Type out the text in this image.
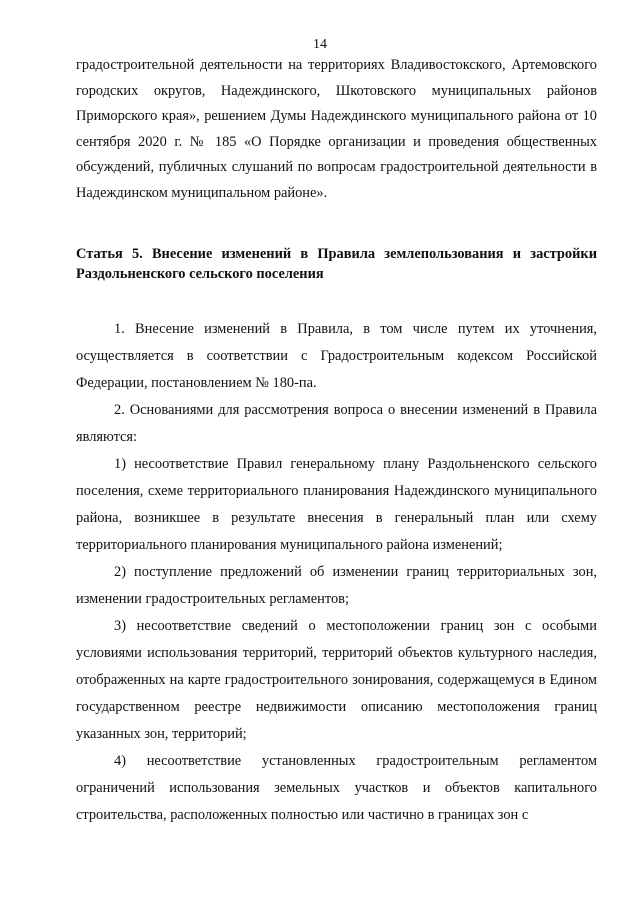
14

градостроительной деятельности на территориях Владивостокского, Артемовского городских округов, Надеждинского, Шкотовского муниципальных районов Приморского края», решением Думы Надеждинского муниципального района от 10 сентября 2020 г. № 185 «О Порядке организации и проведения общественных обсуждений, публичных слушаний по вопросам градостроительной деятельности в Надеждинском муниципальном районе».

Статья 5. Внесение изменений в Правила землепользования и застройки Раздольненского сельского поселения

1. Внесение изменений в Правила, в том числе путем их уточнения, осуществляется в соответствии с Градостроительным кодексом Российской Федерации, постановлением № 180-па.

2. Основаниями для рассмотрения вопроса о внесении изменений в Правила являются:

1) несоответствие Правил генеральному плану Раздольненского сельского поселения, схеме территориального планирования Надеждинского муниципального района, возникшее в результате внесения в генеральный план или схему территориального планирования муниципального района изменений;

2) поступление предложений об изменении границ территориальных зон, изменении градостроительных регламентов;

3) несоответствие сведений о местоположении границ зон с особыми условиями использования территорий, территорий объектов культурного наследия, отображенных на карте градостроительного зонирования, содержащемуся в Едином государственном реестре недвижимости описанию местоположения границ указанных зон, территорий;

4) несоответствие установленных градостроительным регламентом ограничений использования земельных участков и объектов капитального строительства, расположенных полностью или частично в границах зон с
